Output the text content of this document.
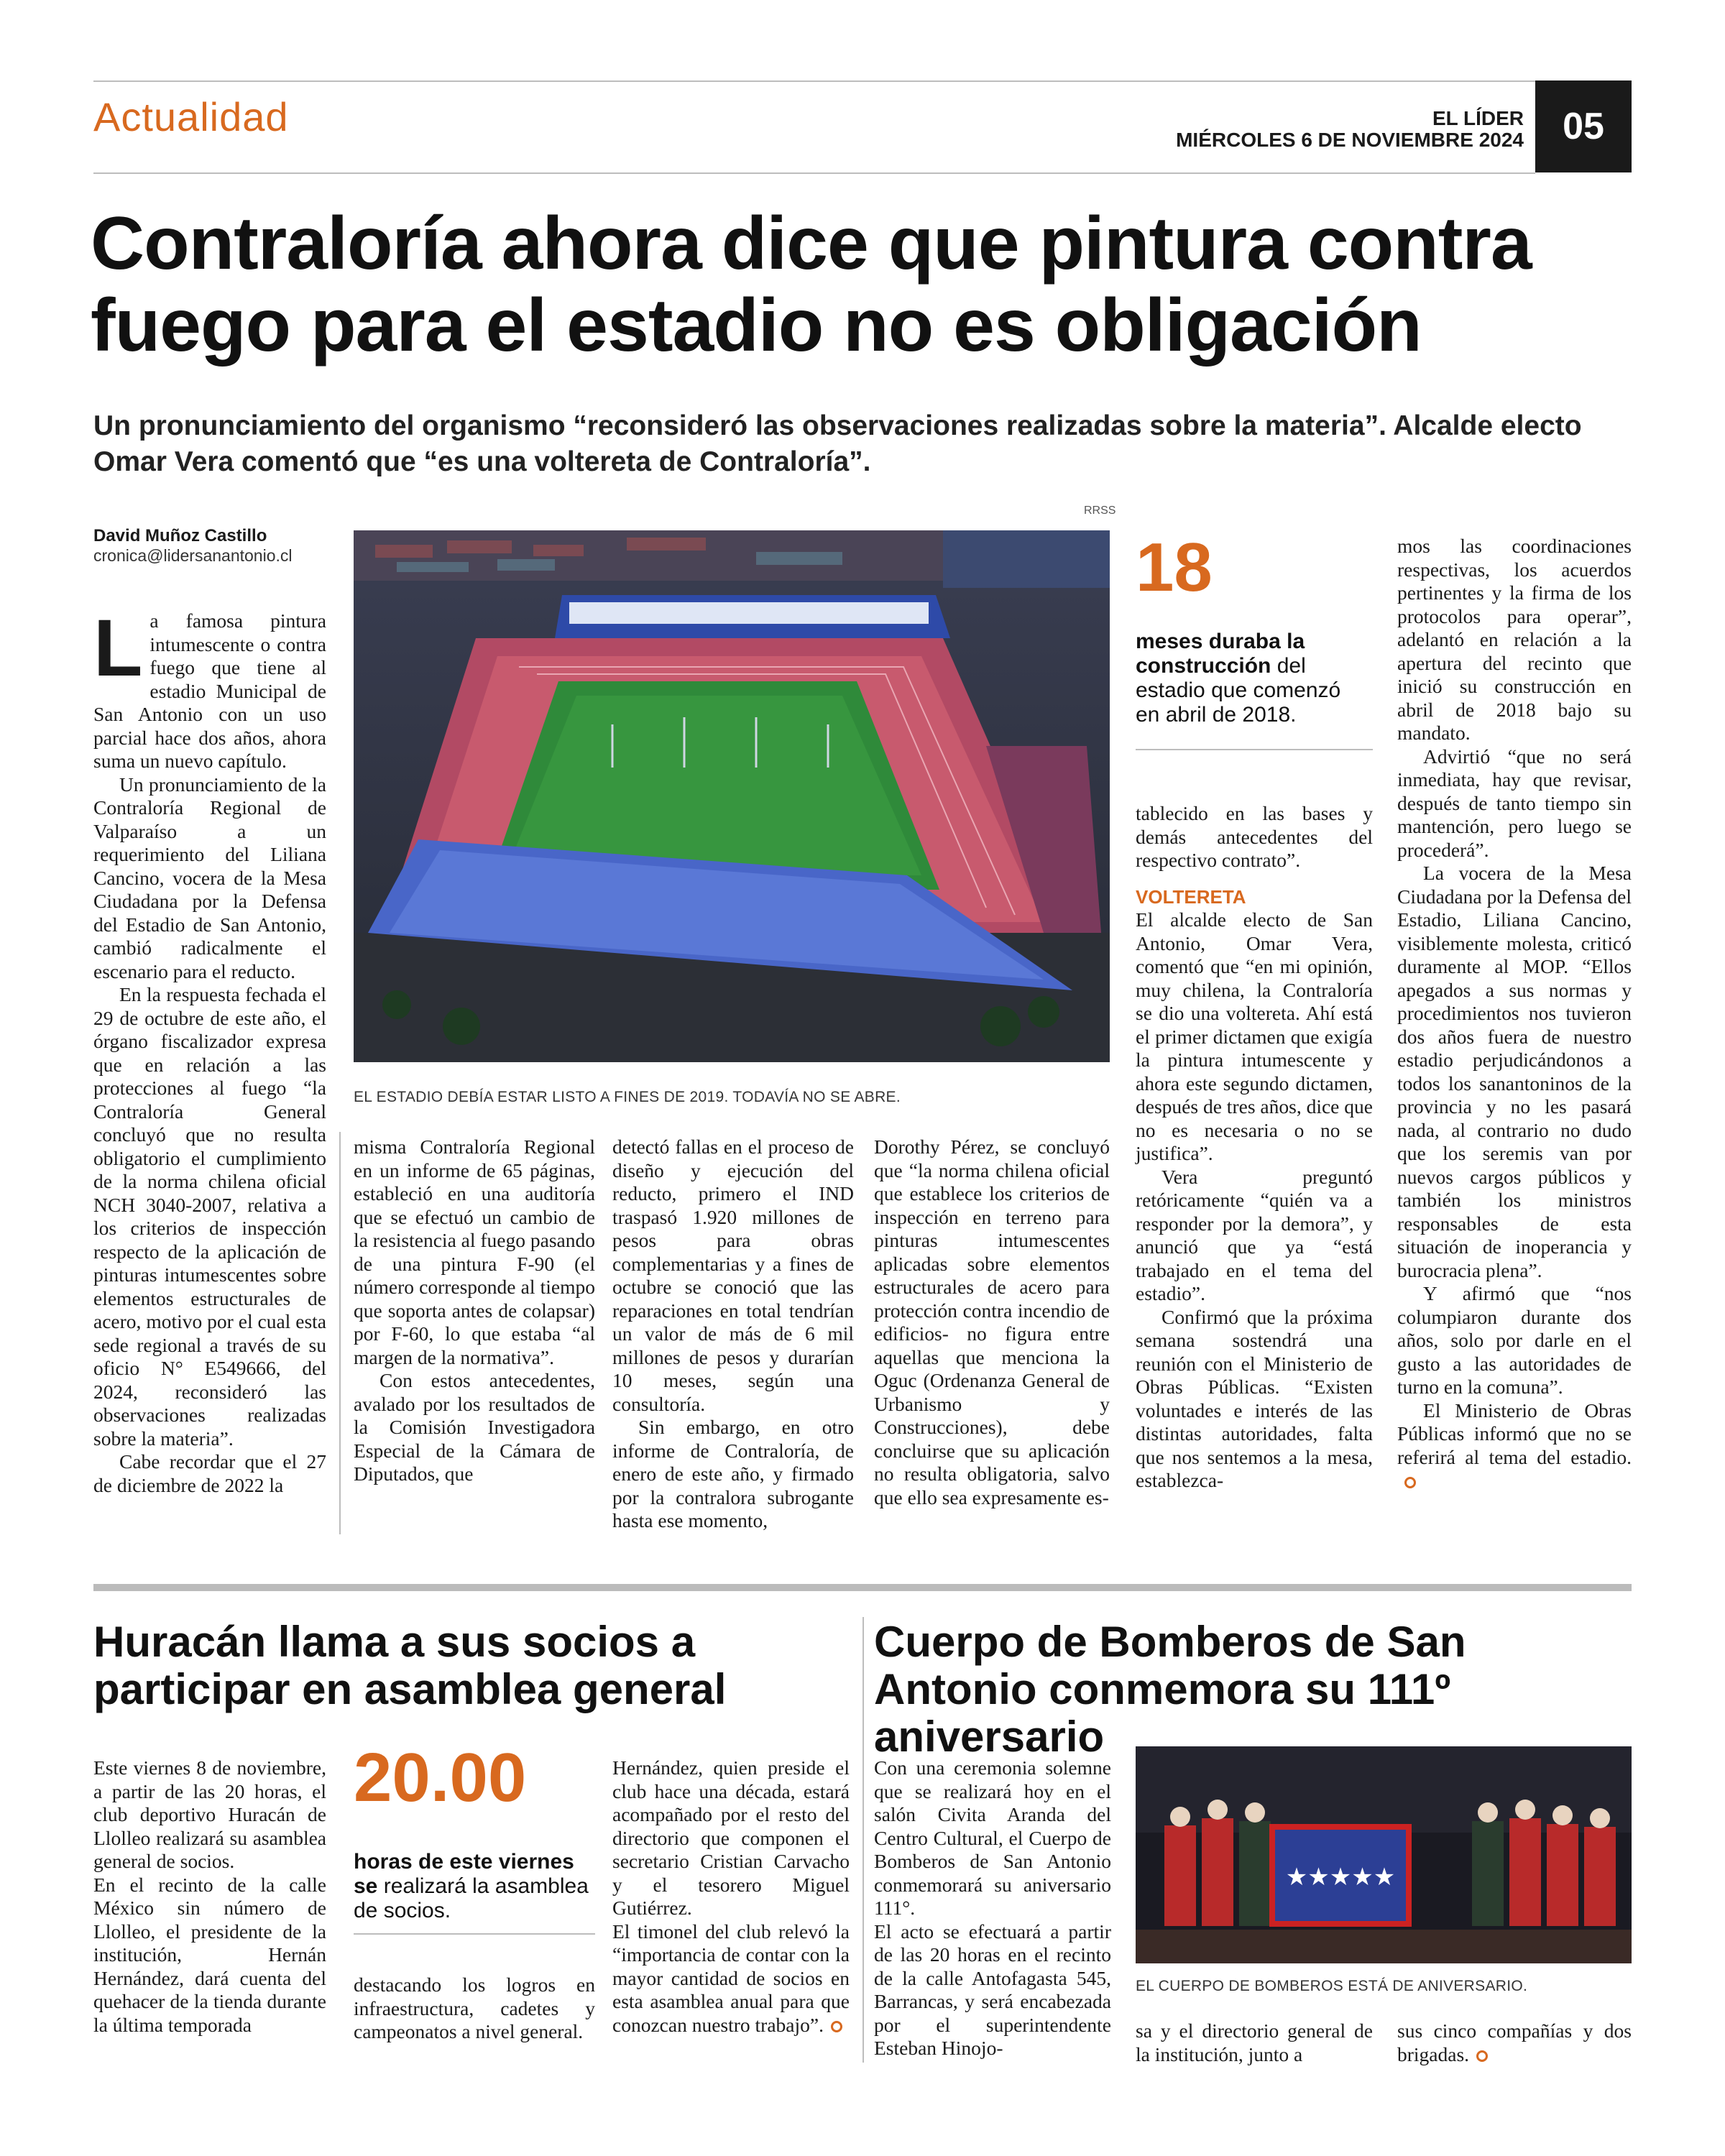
Actualidad	EL LÍDER
MIÉRCOLES 6 DE NOVIEMBRE 2024	05
Contraloría ahora dice que pintura contra fuego para el estadio no es obligación
Un pronunciamiento del organismo “reconsideró las observaciones realizadas sobre la materia”. Alcalde electo Omar Vera comentó que “es una voltereta de Contraloría”.
David Muñoz Castillo
cronica@lidersanantonio.cl

La famosa pintura intumescente o contra fuego que tiene al estadio Municipal de San Antonio con un uso parcial hace dos años, ahora suma un nuevo capítulo.

Un pronunciamiento de la Contraloría Regional de Valparaíso a un requerimiento del Liliana Cancino, vocera de la Mesa Ciudadana por la Defensa del Estadio de San Antonio, cambió radicalmente el escenario para el reducto.

En la respuesta fechada el 29 de octubre de este año, el órgano fiscalizador expresa que en relación a las protecciones al fuego “la Contraloría General concluyó que no resulta obligatorio el cumplimiento de la norma chilena oficial NCH 3040-2007, relativa a los criterios de inspección respecto de la aplicación de pinturas intumescentes sobre elementos estructurales de acero, motivo por el cual esta sede regional a través de su oficio N° E549666, del 2024, reconsideró las observaciones realizadas sobre la materia”.

Cabe recordar que el 27 de diciembre de 2022 la

RRSS
EL ESTADIO DEBÍA ESTAR LISTO A FINES DE 2019. TODAVÍA NO SE ABRE.

misma Contraloría Regional en un informe de 65 páginas, estableció en una auditoría que se efectuó un cambio de la resistencia al fuego pasando de una pintura F-90 (el número corresponde al tiempo que soporta antes de colapsar) por F-60, lo que estaba “al margen de la normativa”.

Con estos antecedentes, avalado por los resultados de la Comisión Investigadora Especial de la Cámara de Diputados, que

detectó fallas en el proceso de diseño y ejecución del reducto, primero el IND traspasó 1.920 millones de pesos para obras complementarias y a fines de octubre se conoció que las reparaciones en total tendrían un valor de más de 6 mil millones de pesos y durarían 10 meses, según una consultoría.

Sin embargo, en otro informe de Contraloría, de enero de este año, y firmado por la contralora subrogante hasta ese momento,

Dorothy Pérez, se concluyó que “la norma chilena oficial que establece los criterios de inspección en terreno para pinturas intumescentes aplicadas sobre elementos estructurales de acero para protección contra incendio de edificios- no figura entre aquellas que menciona la Oguc (Ordenanza General de Urbanismo y Construcciones), debe concluirse que su aplicación no resulta obligatoria, salvo que ello sea expresamente es-

18
meses duraba la construcción del estadio que comenzó en abril de 2018.

tablecido en las bases y demás antecedentes del respectivo contrato”.

VOLTERETA

El alcalde electo de San Antonio, Omar Vera, comentó que “en mi opinión, muy chilena, la Contraloría se dio una voltereta. Ahí está el primer dictamen que exigía la pintura intumescente y ahora este segundo dictamen, después de tres años, dice que no es necesaria o no se justifica”.

Vera preguntó retóricamente “quién va a responder por la demora”, y anunció que ya “está trabajado en el tema del estadio”.

Confirmó que la próxima semana sostendrá una reunión con el Ministerio de Obras Públicas. “Existen voluntades e interés de las distintas autoridades, falta que nos sentemos a la mesa, establezca-

mos las coordinaciones respectivas, los acuerdos pertinentes y la firma de los protocolos para operar”, adelantó en relación a la apertura del recinto que inició su construcción en abril de 2018 bajo su mandato.

Advirtió “que no será inmediata, hay que revisar, después de tanto tiempo sin mantención, pero luego se procederá”.

La vocera de la Mesa Ciudadana por la Defensa del Estadio, Liliana Cancino, visiblemente molesta, criticó duramente al MOP. “Ellos apegados a sus normas y procedimientos nos tuvieron dos años fuera de nuestro estadio perjudicándonos a todos los sanantoninos de la provincia y no les pasará nada, al contrario no dudo que los seremis van por nuevos cargos públicos y también los ministros responsables de esta situación de inoperancia y burocracia plena”.

Y afirmó que “nos columpiaron durante dos años, solo por darle en el gusto a las autoridades de turno en la comuna”.

El Ministerio de Obras Públicas informó que no se referirá al tema del estadio.

Huracán llama a sus socios a participar en asamblea general

Este viernes 8 de noviembre, a partir de las 20 horas, el club deportivo Huracán de Llolleo realizará su asamblea general de socios.

En el recinto de la calle México sin número de Llolleo, el presidente de la institución, Hernán Hernández, dará cuenta del quehacer de la tienda durante la última temporada

20.00
horas de este viernes se realizará la asamblea de socios.

destacando los logros en infraestructura, cadetes y campeonatos a nivel general.

Hernández, quien preside el club hace una década, estará acompañado por el resto del directorio que componen el secretario Cristian Carvacho y el tesorero Miguel Gutiérrez.

El timonel del club relevó la “importancia de contar con la mayor cantidad de socios en esta asamblea anual para que conozcan nuestro trabajo”.

Cuerpo de Bomberos de San Antonio conmemora su 111º aniversario

Con una ceremonia solemne que se realizará hoy en el salón Civita Aranda del Centro Cultural, el Cuerpo de Bomberos de San Antonio conmemorará su aniversario 111°.

El acto se efectuará a partir de las 20 horas en el recinto de la calle Antofagasta 545, Barrancas, y será encabezada por el superintendente Esteban Hinojo-

★★★★★
EL CUERPO DE BOMBEROS ESTÁ DE ANIVERSARIO.

sa y el directorio general de la institución, junto a

sus cinco compañías y dos brigadas.
